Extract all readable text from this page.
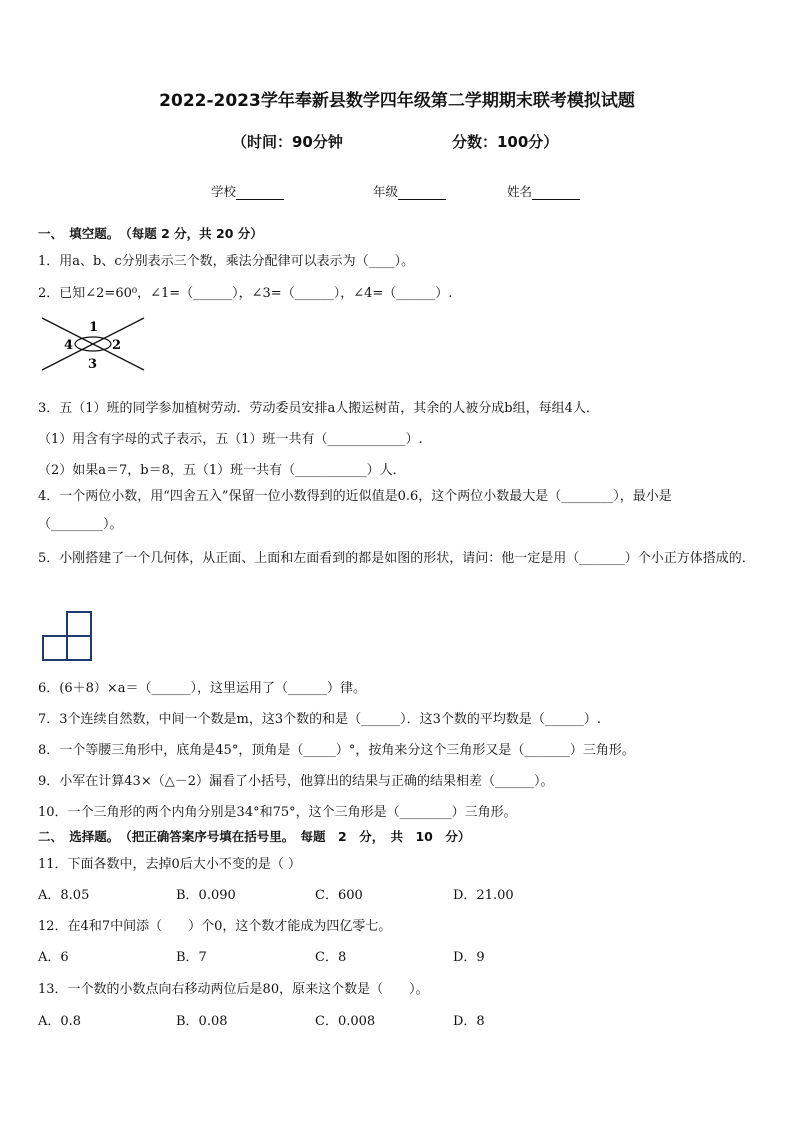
2022-2023学年奉新县数学四年级第二学期期末联考模拟试题
（时间：90分钟	分数：100分）
学校	年级	姓名
一、　填空题。　（每题 2 分，共 20 分）
1．用a、b、c分别表示三个数，乘法分配律可以表示为（____）。
2．已知∠2=60⁰，∠1=（______），∠3=（______），∠4=（______）.
1
2
3
4
3．五（1）班的同学参加植树劳动．劳动委员安排a人搬运树苗，其余的人被分成b组，每组4人．
（1）用含有字母的式子表示，五（1）班一共有（____________）.
（2）如果a＝7，b＝8，五（1）班一共有（___________）人．
4．一个两位小数，用“四舍五入”保留一位小数得到的近似值是0.6，这个两位小数最大是（________），最小是（________）。
5．小刚搭建了一个几何体，从正面、上面和左面看到的都是如图的形状，请问：他一定是用（_______）个小正方体搭成的．
6．(6＋8）×a＝（______），这里运用了（______）律。
7．3个连续自然数，中间一个数是m，这3个数的和是（______）．这3个数的平均数是（______）.
8．一个等腰三角形中，底角是45°，顶角是（_____）°，按角来分这个三角形又是（_______）三角形。
9．小军在计算43×（△－2）漏看了小括号，他算出的结果与正确的结果相差（______）。
10．一个三角形的两个内角分别是34°和75°，这个三角形是（________）三角形。
二、　选择题。　（把正确答案序号填在括号里。　每题　2　分，　共　10　分）
11．下面各数中，去掉0后大小不变的是（ ）
A．8.05	B．0.090	C．600	D．21.00
12．在4和7中间添（　　）个0，这个数才能成为四亿零七。
A．6	B．7	C．8	D．9
13．一个数的小数点向右移动两位后是80，原来这个数是（　　）。
A．0.8	B．0.08	C．0.008	D．8
